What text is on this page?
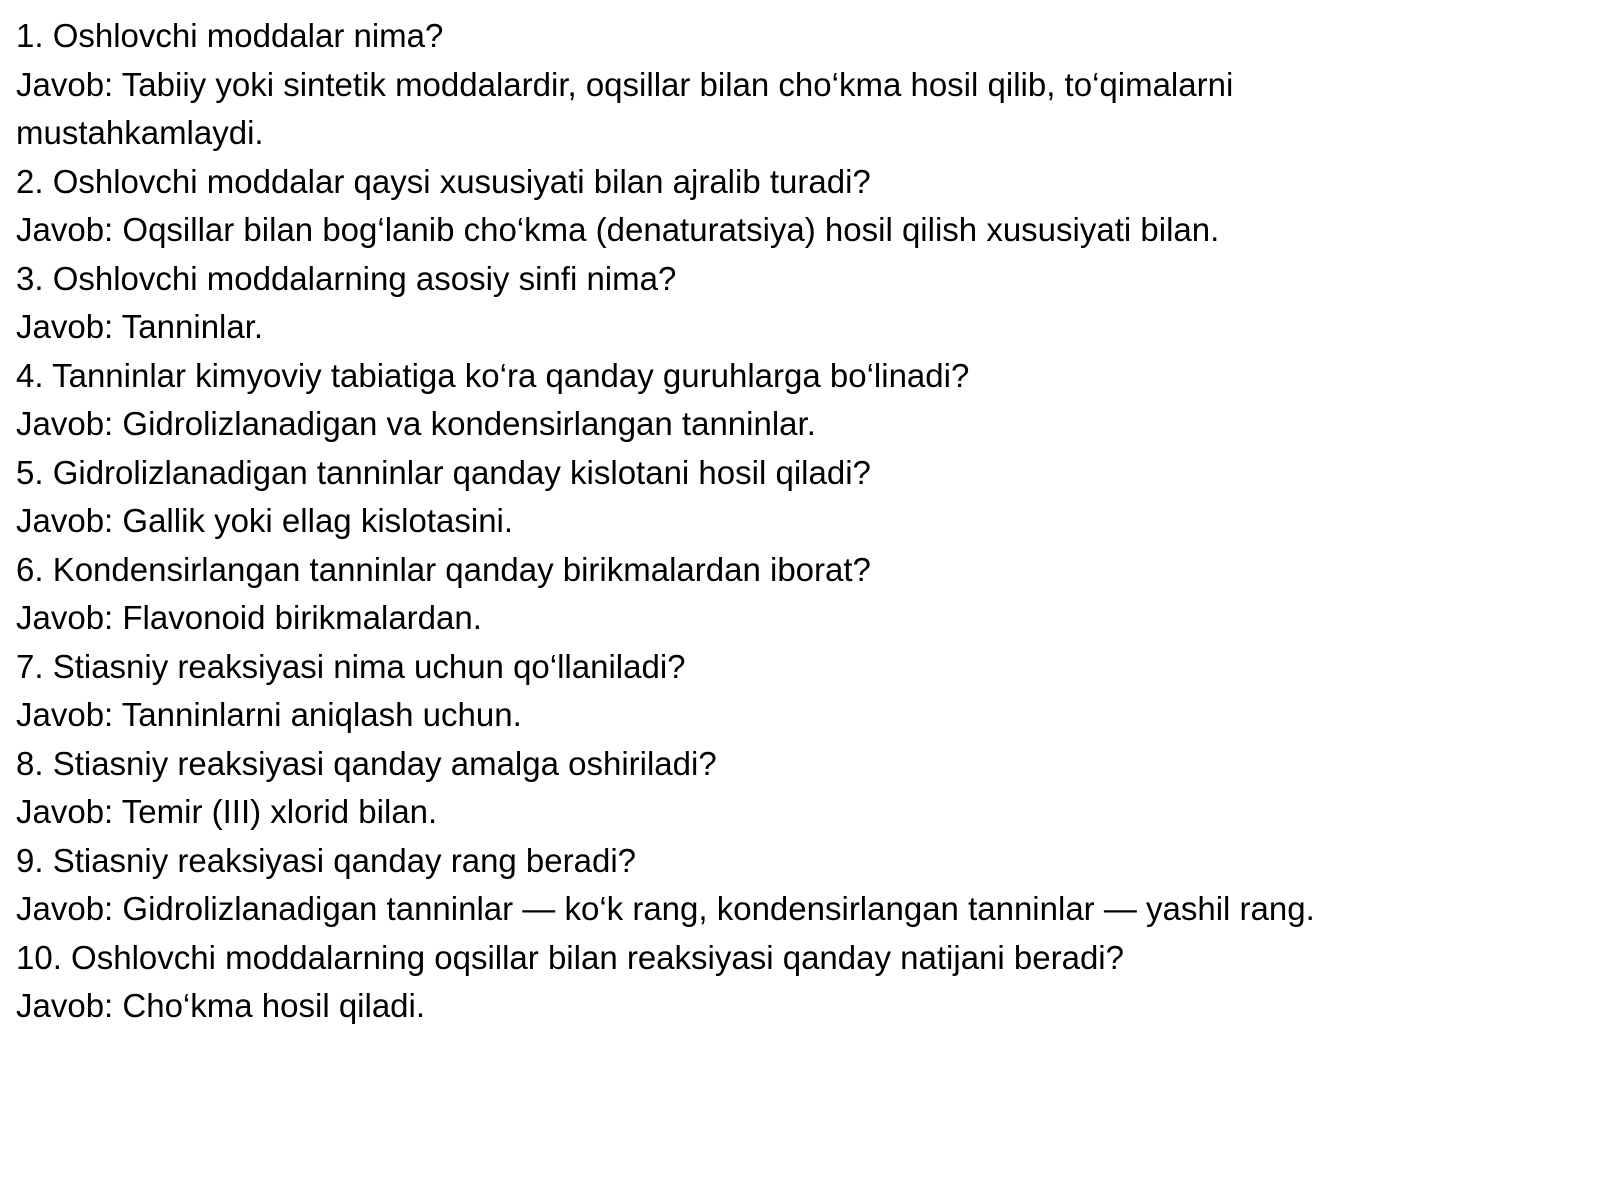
1. Oshlovchi moddalar nima?

Javob: Tabiiy yoki sintetik moddalardir, oqsillar bilan cho‘kma hosil qilib, to‘qimalarni mustahkamlaydi.

2. Oshlovchi moddalar qaysi xususiyati bilan ajralib turadi?

Javob: Oqsillar bilan bog‘lanib cho‘kma (denaturatsiya) hosil qilish xususiyati bilan.

3. Oshlovchi moddalarning asosiy sinfi nima?

Javob: Tanninlar.

4. Tanninlar kimyoviy tabiatiga ko‘ra qanday guruhlarga bo‘linadi?

Javob: Gidrolizlanadigan va kondensirlangan tanninlar.

5. Gidrolizlanadigan tanninlar qanday kislotani hosil qiladi?

Javob: Gallik yoki ellag kislotasini.

6. Kondensirlangan tanninlar qanday birikmalardan iborat?

Javob: Flavonoid birikmalardan.

7. Stiasniy reaksiyasi nima uchun qo‘llaniladi?

Javob: Tanninlarni aniqlash uchun.

8. Stiasniy reaksiyasi qanday amalga oshiriladi?

Javob: Temir (III) xlorid bilan.

9. Stiasniy reaksiyasi qanday rang beradi?

Javob: Gidrolizlanadigan tanninlar — ko‘k rang, kondensirlangan tanninlar — yashil rang.

10. Oshlovchi moddalarning oqsillar bilan reaksiyasi qanday natijani beradi?

Javob: Cho‘kma hosil qiladi.
